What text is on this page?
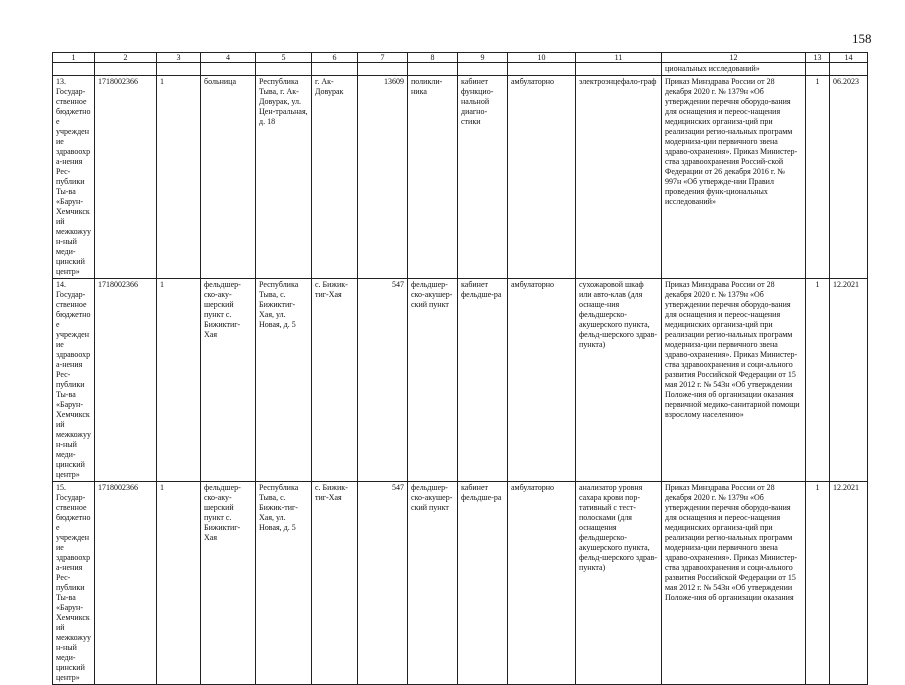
158
1	2	3	4	5	6	7	8	9	10	11	12	13	14
											циональных исследований»		
13. Государ-ственное бюджетное учреждение здравоохра-нения Рес-публики Ты-ва «Барун-Хемчикский межкожуун-ный меди-цинский центр»	1718002366	1	больница	Республика Тыва, г. Ак-Довурак, ул. Цен-тральная, д. 18	г. Ак-Довурак	13609	поликли-ника	кабинет функцио-нальной диагно-стики	амбулаторно	электроэнцефало-граф	Приказ Минздрава России от 28 декабря 2020 г. № 1379н «Об утверждении перечня оборудо-вания для оснащения и переос-нащения медицинских организа-ций при реализации регио-нальных программ модерниза-ции первичного звена здраво-охранения». Приказ Министер-ства здравоохранения Россий-ской Федерации от 26 декабря 2016 г. № 997н «Об утвержде-нии Правил проведения функ-циональных исследований»	1	06.2023
14. Государ-ственное бюджетное учреждение здравоохра-нения Рес-публики Ты-ва «Барун-Хемчикский межкожуун-ный меди-цинский центр»	1718002366	1	фельдшер-ско-аку-шерский пункт с. Бижиктиг-Хая	Республика Тыва, с. Бижиктиг-Хая, ул. Новая, д. 5	с. Бижик-тиг-Хая	547	фельдшер-ско-акушер-ский пункт	кабинет фельдше-ра	амбулаторно	сухожаровой шкаф или авто-клав (для оснаще-ния фельдшерско-акушерского пункта, фельд-шерского здрав-пункта)	Приказ Минздрава России от 28 декабря 2020 г. № 1379н «Об утверждении перечня оборудо-вания для оснащения и переос-нащения медицинских организа-ций при реализации регио-нальных программ модерниза-ции первичного звена здраво-охранения». Приказ Министер-ства здравоохранения и соци-ального развития Российской Федерации от 15 мая 2012 г. № 543н «Об утверждении Положе-ния об организации оказания первичной медико-санитарной помощи взрослому населению»	1	12.2021
15. Государ-ственное бюджетное учреждение здравоохра-нения Рес-публики Ты-ва «Барун-Хемчикский межкожуун-ный меди-цинский центр»	1718002366	1	фельдшер-ско-аку-шерский пункт с. Бижиктиг-Хая	Республика Тыва, с. Бижик-тиг-Хая, ул. Новая, д. 5	с. Бижик-тиг-Хая	547	фельдшер-ско-акушер-ский пункт	кабинет фельдше-ра	амбулаторно	анализатор уровня сахара крови пор-тативный с тест-полосками (для оснащения фельдшерско-акушерского пункта, фельд-шерского здрав-пункта)	Приказ Минздрава России от 28 декабря 2020 г. № 1379н «Об утверждении перечня оборудо-вания для оснащения и переос-нащения медицинских организа-ций при реализации регио-нальных программ модерниза-ции первичного звена здраво-охранения». Приказ Министер-ства здравоохранения и соци-ального развития Российской Федерации от 15 мая 2012 г. № 543н «Об утверждении Положе-ния об организации оказания	1	12.2021
